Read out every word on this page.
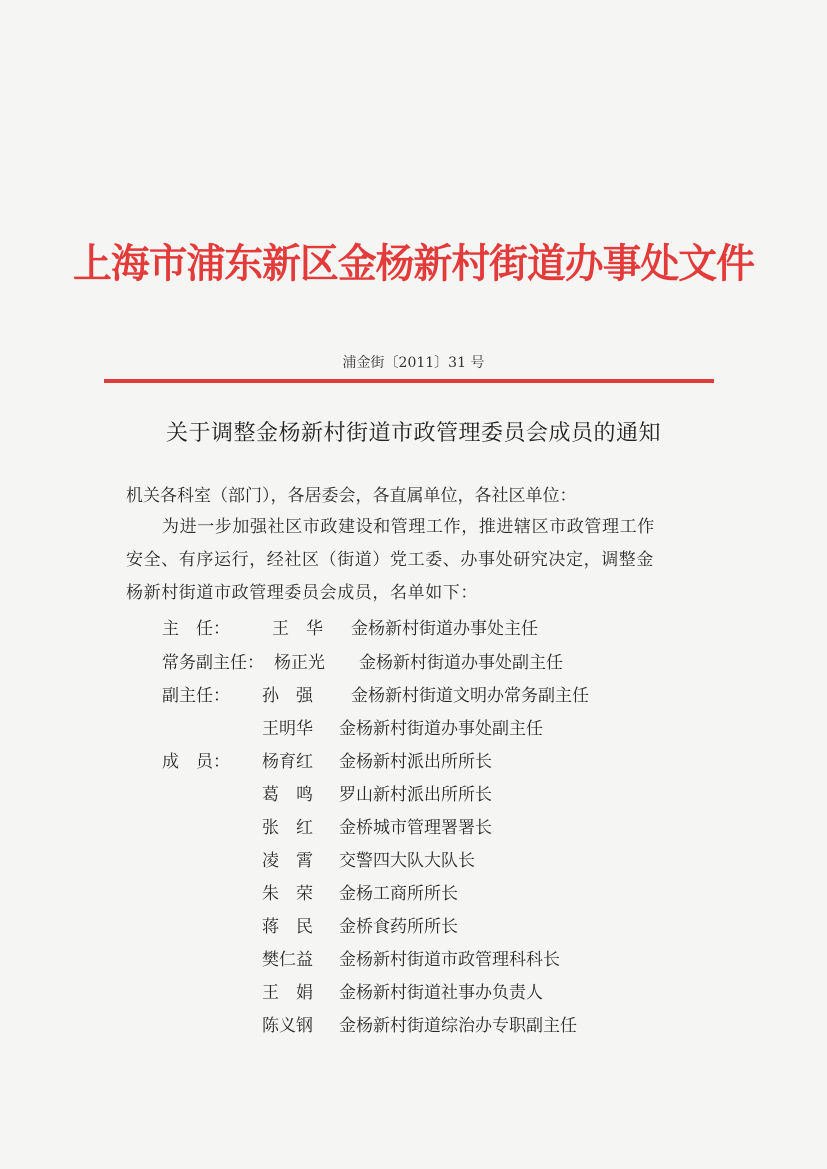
上海市浦东新区金杨新村街道办事处文件
浦金街〔2011〕31 号
关于调整金杨新村街道市政管理委员会成员的通知
机关各科室（部门），各居委会，各直属单位，各社区单位：
为进一步加强社区市政建设和管理工作，推进辖区市政管理工作
安全、有序运行，经社区（街道）党工委、办事处研究决定，调整金
杨新村街道市政管理委员会成员，名单如下：
主　任： 王　华 金杨新村街道办事处主任
常务副主任： 杨正光 金杨新村街道办事处副主任
副主任： 孙　强 金杨新村街道文明办常务副主任
王明华 金杨新村街道办事处副主任
成　员： 杨育红 金杨新村派出所所长
葛　鸣 罗山新村派出所所长
张　红 金桥城市管理署署长
凌　霄 交警四大队大队长
朱　荣 金杨工商所所长
蒋　民 金桥食药所所长
樊仁益 金杨新村街道市政管理科科长
王　娟 金杨新村街道社事办负责人
陈义钢 金杨新村街道综治办专职副主任
